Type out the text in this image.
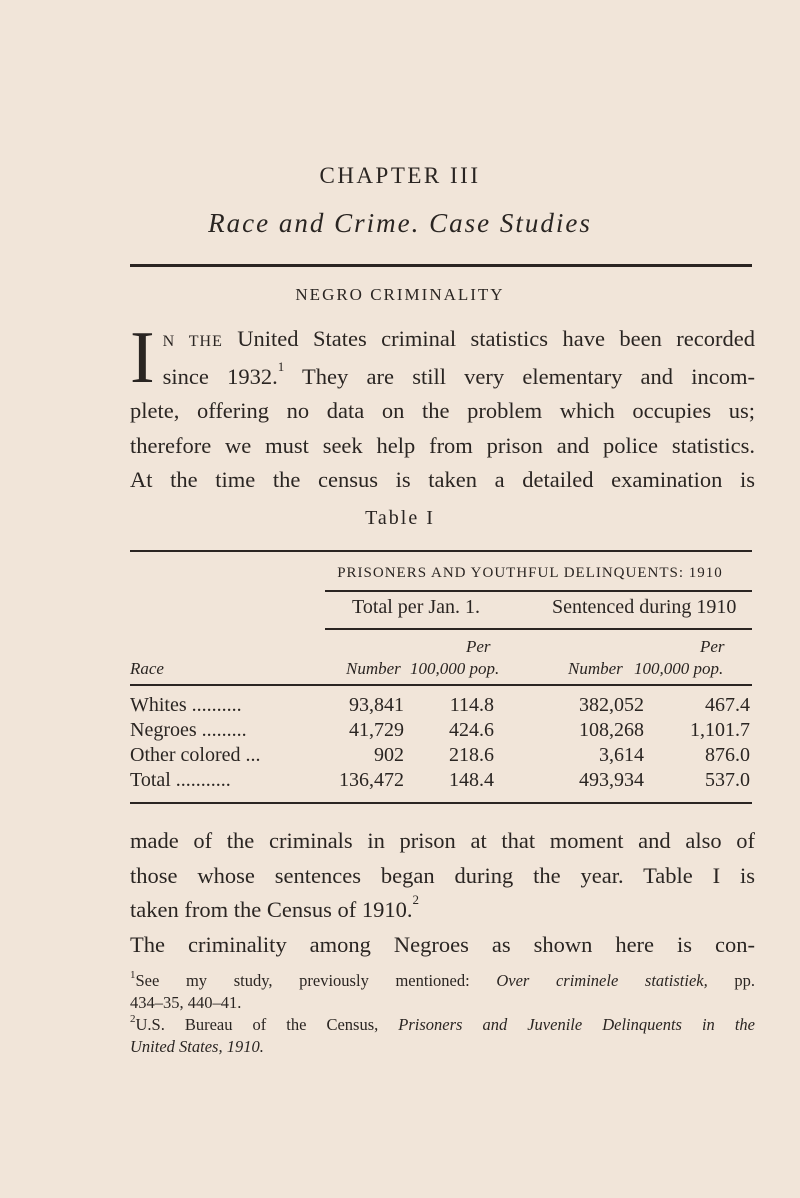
CHAPTER III
Race and Crime. Case Studies
NEGRO CRIMINALITY
I N THE United States criminal statistics have been recorded
since 1932.$^1$ They are still very elementary and incom-
plete, offering no data on the problem which occupies us;
therefore we must seek help from prison and police statistics.
At the time the census is taken a detailed examination is
Table I
PRISONERS AND YOUTHFUL DELINQUENTS: 1910
Total per Jan. 1.	Sentenced during 1910
Per	Per
Race	Number 100,000 pop.	Number 100,000 pop.
Whites ..........	93,841	114.8	382,052	467.4
Negroes .........	41,729	424.6	108,268	1,101.7
Other colored ...	902	218.6	3,614	876.0
Total ...........	136,472	148.4	493,934	537.0
made of the criminals in prison at that moment and also of
those whose sentences began during the year. Table I is
taken from the Census of 1910.$^2$
The criminality among Negroes as shown here is con-
$^1$See my study, previously mentioned: Over criminele statistiek, pp.
434–35, 440–41.
$^2$U.S. Bureau of the Census, Prisoners and Juvenile Delinquents in the
United States, 1910.
